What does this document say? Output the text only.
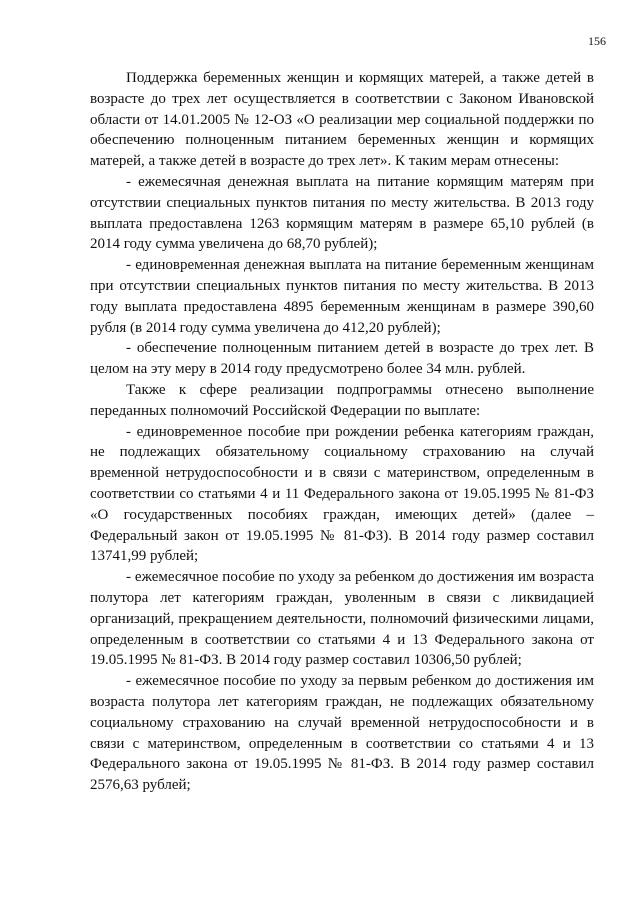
156

Поддержка беременных женщин и кормящих матерей, а также детей в возрасте до трех лет осуществляется в соответствии с Законом Ивановской области от 14.01.2005 № 12-ОЗ «О реализации мер социальной поддержки по обеспечению полноценным питанием беременных женщин и кормящих матерей, а также детей в возрасте до трех лет». К таким мерам отнесены:

- ежемесячная денежная выплата на питание кормящим матерям при отсутствии специальных пунктов питания по месту жительства. В 2013 году выплата предоставлена 1263 кормящим матерям в размере 65,10 рублей (в 2014 году сумма увеличена до 68,70 рублей);

- единовременная денежная выплата на питание беременным женщинам при отсутствии специальных пунктов питания по месту жительства. В 2013 году выплата предоставлена 4895 беременным женщинам в размере 390,60 рубля (в 2014 году сумма увеличена до 412,20 рублей);

- обеспечение полноценным питанием детей в возрасте до трех лет. В целом на эту меру в 2014 году предусмотрено более 34 млн. рублей.

Также к сфере реализации подпрограммы отнесено выполнение переданных полномочий Российской Федерации по выплате:

- единовременное пособие при рождении ребенка категориям граждан, не подлежащих обязательному социальному страхованию на случай временной нетрудоспособности и в связи с материнством, определенным в соответствии со статьями 4 и 11 Федерального закона от 19.05.1995 № 81-ФЗ «О государственных пособиях граждан, имеющих детей» (далее – Федеральный закон от 19.05.1995 № 81-ФЗ). В 2014 году размер составил 13741,99 рублей;

- ежемесячное пособие по уходу за ребенком до достижения им возраста полутора лет категориям граждан, уволенным в связи с ликвидацией организаций, прекращением деятельности, полномочий физическими лицами, определенным в соответствии со статьями 4 и 13 Федерального закона от 19.05.1995 № 81-ФЗ. В 2014 году размер составил 10306,50 рублей;

- ежемесячное пособие по уходу за первым ребенком до достижения им возраста полутора лет категориям граждан, не подлежащих обязательному социальному страхованию на случай временной нетрудоспособности и в связи с материнством, определенным в соответствии со статьями 4 и 13 Федерального закона от 19.05.1995 № 81-ФЗ. В 2014 году размер составил 2576,63 рублей;
